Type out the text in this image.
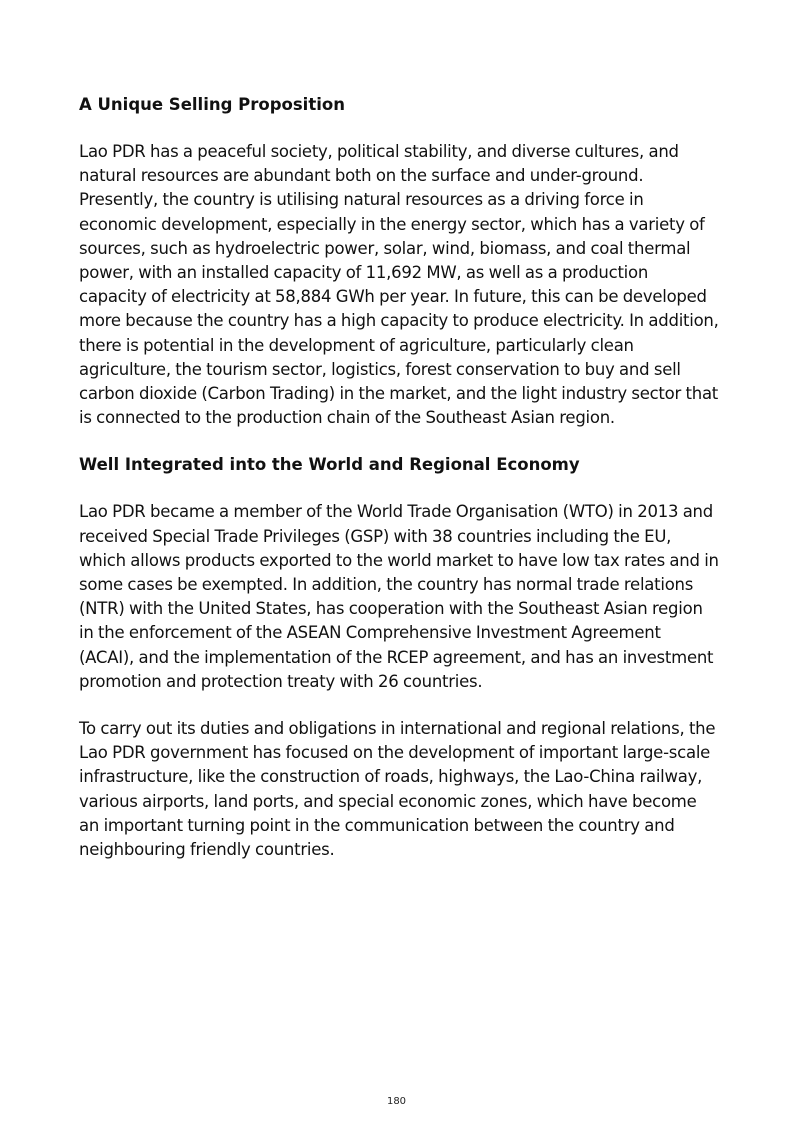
A Unique Selling Proposition

Lao PDR has a peaceful society, political stability, and diverse cultures, and natural resources are abundant both on the surface and under-ground. Presently, the country is utilising natural resources as a driving force in economic development, especially in the energy sector, which has a variety of sources, such as hydroelectric power, solar, wind, biomass, and coal thermal power, with an installed capacity of 11,692 MW, as well as a production capacity of electricity at 58,884 GWh per year. In future, this can be developed more because the country has a high capacity to produce electricity. In addition, there is potential in the development of agriculture, particularly clean agriculture, the tourism sector, logistics, forest conservation to buy and sell carbon dioxide (Carbon Trading) in the market, and the light industry sector that is connected to the production chain of the Southeast Asian region.

Well Integrated into the World and Regional Economy

Lao PDR became a member of the World Trade Organisation (WTO) in 2013 and received Special Trade Privileges (GSP) with 38 countries including the EU, which allows products exported to the world market to have low tax rates and in some cases be exempted. In addition, the country has normal trade relations (NTR) with the United States, has cooperation with the Southeast Asian region in the enforcement of the ASEAN Comprehensive Investment Agreement (ACAI), and the implementation of the RCEP agreement, and has an investment promotion and protection treaty with 26 countries.

To carry out its duties and obligations in international and regional relations, the Lao PDR government has focused on the development of important large-scale infrastructure, like the construction of roads, highways, the Lao-China railway, various airports, land ports, and special economic zones, which have become an important turning point in the communication between the country and neighbouring friendly countries.

180
